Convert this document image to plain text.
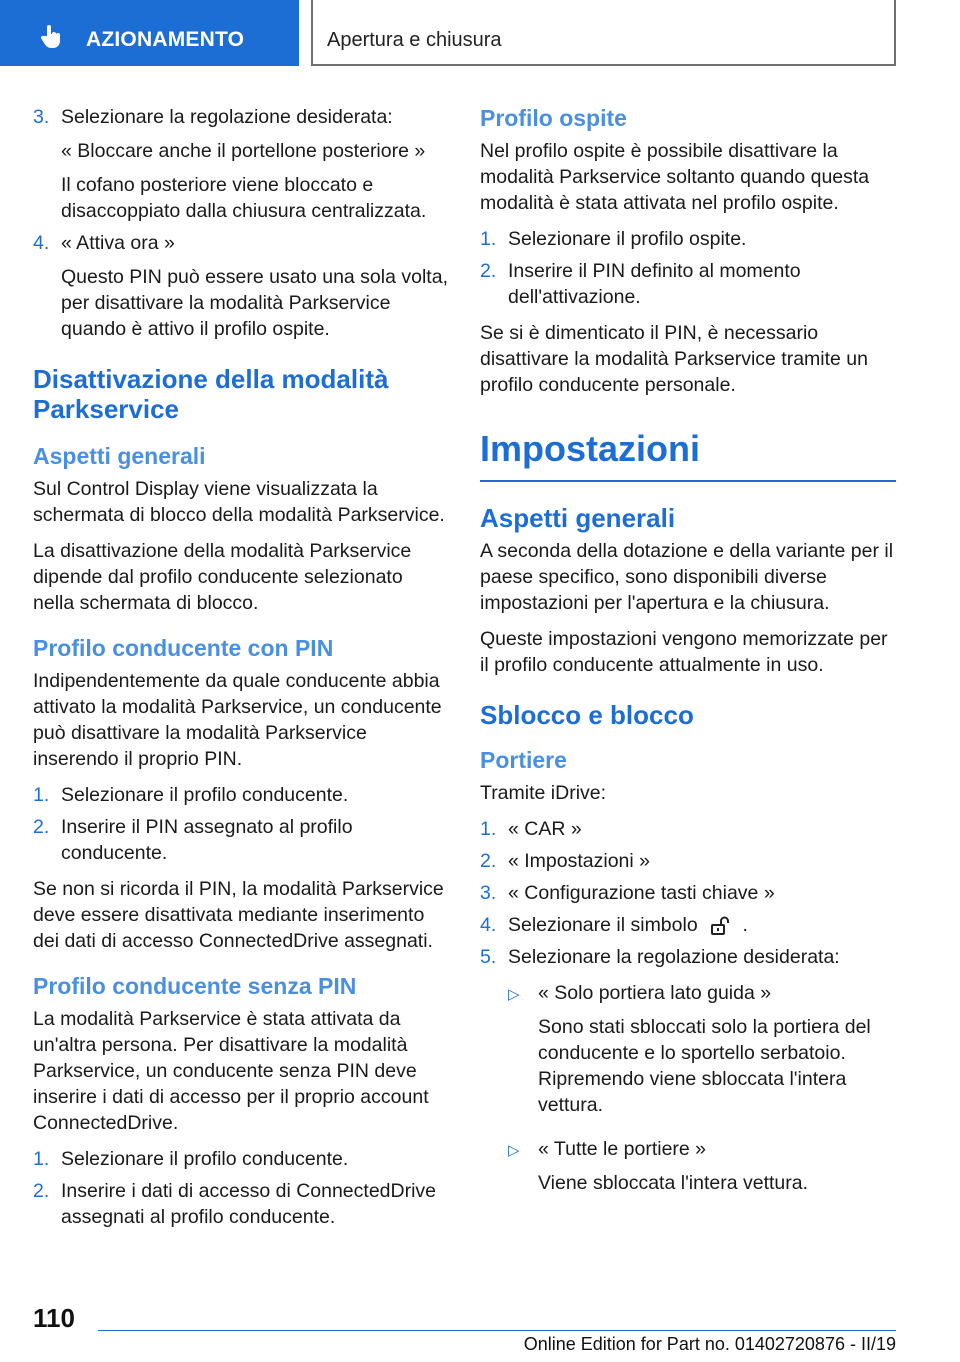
AZIONAMENTO	Apertura e chiusura
3. Selezionare la regolazione desiderata:

« Bloccare anche il portellone posteriore »

Il cofano posteriore viene bloccato e disaccoppiato dalla chiusura centralizzata.

4. « Attiva ora »

Questo PIN può essere usato una sola volta, per disattivare la modalità Parkservice quando è attivo il profilo ospite.

Disattivazione della modalità Parkservice
Aspetti generali

Sul Control Display viene visualizzata la schermata di blocco della modalità Parkservice.

La disattivazione della modalità Parkservice dipende dal profilo conducente selezionato nella schermata di blocco.

Profilo conducente con PIN

Indipendentemente da quale conducente abbia attivato la modalità Parkservice, un conducente può disattivare la modalità Parkservice inserendo il proprio PIN.

1. Selezionare il profilo conducente.
2. Inserire il PIN assegnato al profilo conducente.

Se non si ricorda il PIN, la modalità Parkservice deve essere disattivata mediante inserimento dei dati di accesso ConnectedDrive assegnati.

Profilo conducente senza PIN

La modalità Parkservice è stata attivata da un'altra persona. Per disattivare la modalità Parkservice, un conducente senza PIN deve inserire i dati di accesso per il proprio account ConnectedDrive.

1. Selezionare il profilo conducente.
2. Inserire i dati di accesso di ConnectedDrive assegnati al profilo conducente.
Profilo ospite

Nel profilo ospite è possibile disattivare la modalità Parkservice soltanto quando questa modalità è stata attivata nel profilo ospite.

1. Selezionare il profilo ospite.
2. Inserire il PIN definito al momento dell'attivazione.

Se si è dimenticato il PIN, è necessario disattivare la modalità Parkservice tramite un profilo conducente personale.

Impostazioni
Aspetti generali

A seconda della dotazione e della variante per il paese specifico, sono disponibili diverse impostazioni per l'apertura e la chiusura.

Queste impostazioni vengono memorizzate per il profilo conducente attualmente in uso.

Sblocco e blocco
Portiere

Tramite iDrive:

1. « CAR »
2. « Impostazioni »
3. « Configurazione tasti chiave »
4. Selezionare il simbolo .
5. Selezionare la regolazione desiderata:
▷ « Solo portiera lato guida »

Sono stati sbloccati solo la portiera del conducente e lo sportello serbatoio. Ripremendo viene sbloccata l'intera vettura.

▷ « Tutte le portiere »

Viene sbloccata l'intera vettura.

110
Online Edition for Part no. 01402720876 - II/19
